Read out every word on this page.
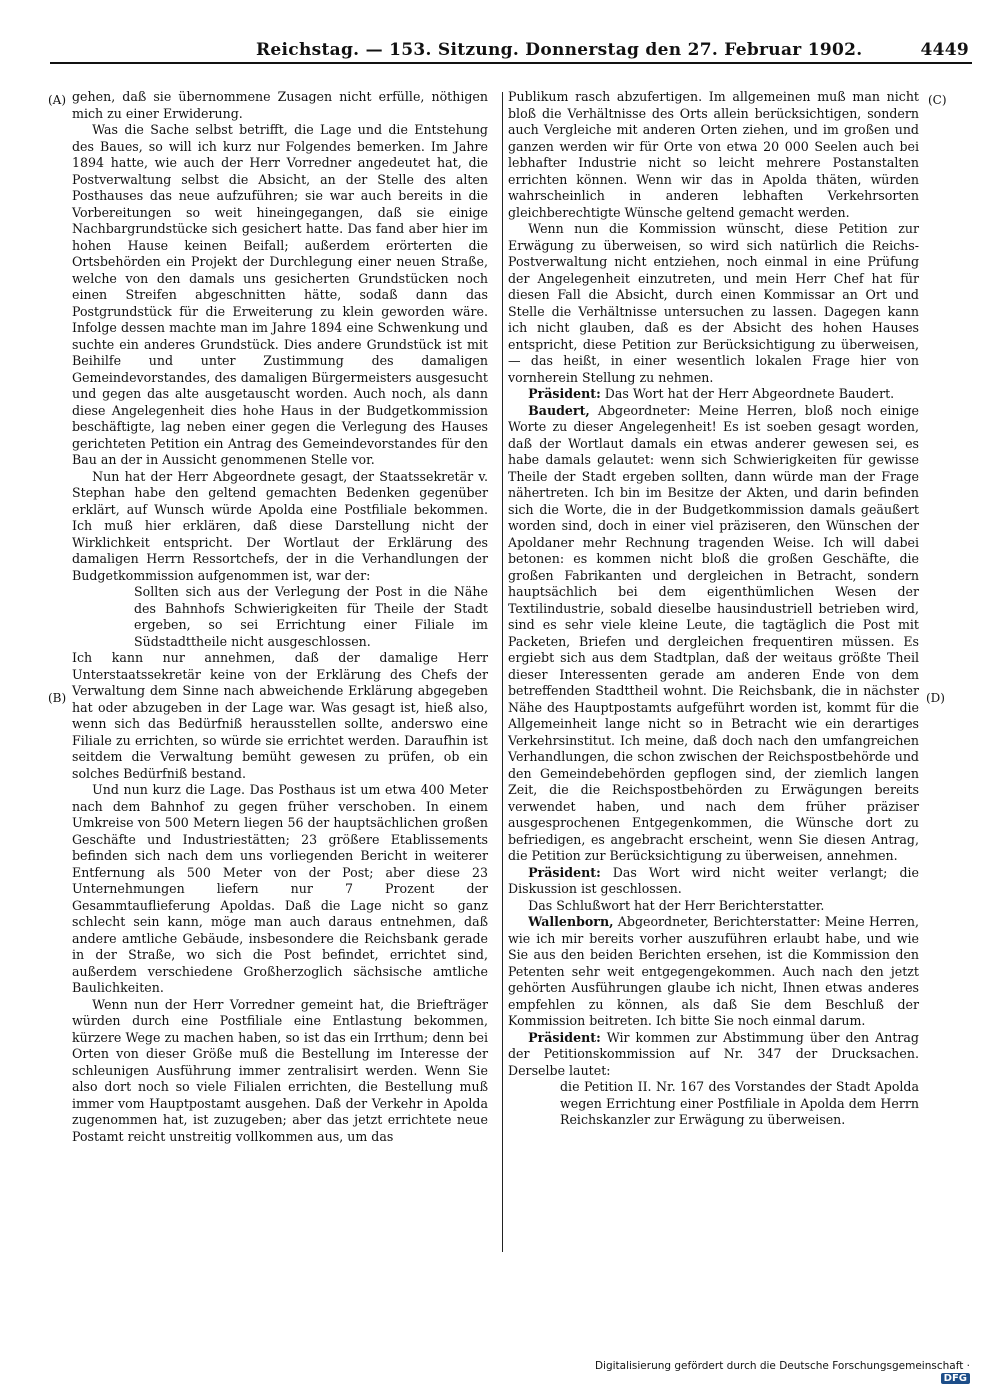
Reichstag. — 153. Sitzung. Donnerstag den 27. Februar 1902.	4449
(A)
(B)
(C)
(D)

gehen, daß sie übernommene Zusagen nicht erfülle, nöthigen mich zu einer Erwiderung.

Was die Sache selbst betrifft, die Lage und die Entstehung des Baues, so will ich kurz nur Folgendes bemerken. Im Jahre 1894 hatte, wie auch der Herr Vorredner angedeutet hat, die Postverwaltung selbst die Absicht, an der Stelle des alten Posthauses das neue aufzuführen; sie war auch bereits in die Vorbereitungen so weit hineingegangen, daß sie einige Nachbargrundstücke sich gesichert hatte. Das fand aber hier im hohen Hause keinen Beifall; außerdem erörterten die Ortsbehörden ein Projekt der Durchlegung einer neuen Straße, welche von den damals uns gesicherten Grundstücken noch einen Streifen abgeschnitten hätte, sodaß dann das Postgrundstück für die Erweiterung zu klein geworden wäre. Infolge dessen machte man im Jahre 1894 eine Schwenkung und suchte ein anderes Grundstück. Dies andere Grundstück ist mit Beihilfe und unter Zustimmung des damaligen Gemeindevorstandes, des damaligen Bürgermeisters ausgesucht und gegen das alte ausgetauscht worden. Auch noch, als dann diese Angelegenheit dies hohe Haus in der Budgetkommission beschäftigte, lag neben einer gegen die Verlegung des Hauses gerichteten Petition ein Antrag des Gemeindevorstandes für den Bau an der in Aussicht genommenen Stelle vor.

Nun hat der Herr Abgeordnete gesagt, der Staatssekretär v. Stephan habe den geltend gemachten Bedenken gegenüber erklärt, auf Wunsch würde Apolda eine Postfiliale bekommen. Ich muß hier erklären, daß diese Darstellung nicht der Wirklichkeit entspricht. Der Wortlaut der Erklärung des damaligen Herrn Ressortchefs, der in die Verhandlungen der Budgetkommission aufgenommen ist, war der:

Sollten sich aus der Verlegung der Post in die Nähe des Bahnhofs Schwierigkeiten für Theile der Stadt ergeben, so sei Errichtung einer Filiale im Südstadttheile nicht ausgeschlossen.

Ich kann nur annehmen, daß der damalige Herr Unterstaatssekretär keine von der Erklärung des Chefs der Verwaltung dem Sinne nach abweichende Erklärung abgegeben hat oder abzugeben in der Lage war. Was gesagt ist, hieß also, wenn sich das Bedürfniß herausstellen sollte, anderswo eine Filiale zu errichten, so würde sie errichtet werden. Daraufhin ist seitdem die Verwaltung bemüht gewesen zu prüfen, ob ein solches Bedürfniß bestand.

Und nun kurz die Lage. Das Posthaus ist um etwa 400 Meter nach dem Bahnhof zu gegen früher verschoben. In einem Umkreise von 500 Metern liegen 56 der hauptsächlichen großen Geschäfte und Industriestätten; 23 größere Etablissements befinden sich nach dem uns vorliegenden Bericht in weiterer Entfernung als 500 Meter von der Post; aber diese 23 Unternehmungen liefern nur 7 Prozent der Gesammtauflieferung Apoldas. Daß die Lage nicht so ganz schlecht sein kann, möge man auch daraus entnehmen, daß andere amtliche Gebäude, insbesondere die Reichsbank gerade in der Straße, wo sich die Post befindet, errichtet sind, außerdem verschiedene Großherzoglich sächsische amtliche Baulichkeiten.

Wenn nun der Herr Vorredner gemeint hat, die Briefträger würden durch eine Postfiliale eine Entlastung bekommen, kürzere Wege zu machen haben, so ist das ein Irrthum; denn bei Orten von dieser Größe muß die Bestellung im Interesse der schleunigen Ausführung immer zentralisirt werden. Wenn Sie also dort noch so viele Filialen errichten, die Bestellung muß immer vom Hauptpostamt ausgehen. Daß der Verkehr in Apolda zugenommen hat, ist zuzugeben; aber das jetzt errichtete neue Postamt reicht unstreitig vollkommen aus, um das

Publikum rasch abzufertigen. Im allgemeinen muß man nicht bloß die Verhältnisse des Orts allein berücksichtigen, sondern auch Vergleiche mit anderen Orten ziehen, und im großen und ganzen werden wir für Orte von etwa 20 000 Seelen auch bei lebhafter Industrie nicht so leicht mehrere Postanstalten errichten können. Wenn wir das in Apolda thäten, würden wahrscheinlich in anderen lebhaften Verkehrsorten gleichberechtigte Wünsche geltend gemacht werden.

Wenn nun die Kommission wünscht, diese Petition zur Erwägung zu überweisen, so wird sich natürlich die Reichs-Postverwaltung nicht entziehen, noch einmal in eine Prüfung der Angelegenheit einzutreten, und mein Herr Chef hat für diesen Fall die Absicht, durch einen Kommissar an Ort und Stelle die Verhältnisse untersuchen zu lassen. Dagegen kann ich nicht glauben, daß es der Absicht des hohen Hauses entspricht, diese Petition zur Berücksichtigung zu überweisen, — das heißt, in einer wesentlich lokalen Frage hier von vornherein Stellung zu nehmen.

Präsident: Das Wort hat der Herr Abgeordnete Baudert.

Baudert, Abgeordneter: Meine Herren, bloß noch einige Worte zu dieser Angelegenheit! Es ist soeben gesagt worden, daß der Wortlaut damals ein etwas anderer gewesen sei, es habe damals gelautet: wenn sich Schwierigkeiten für gewisse Theile der Stadt ergeben sollten, dann würde man der Frage nähertreten. Ich bin im Besitze der Akten, und darin befinden sich die Worte, die in der Budgetkommission damals geäußert worden sind, doch in einer viel präziseren, den Wünschen der Apoldaner mehr Rechnung tragenden Weise. Ich will dabei betonen: es kommen nicht bloß die großen Geschäfte, die großen Fabrikanten und dergleichen in Betracht, sondern hauptsächlich bei dem eigenthümlichen Wesen der Textilindustrie, sobald dieselbe hausindustriell betrieben wird, sind es sehr viele kleine Leute, die tagtäglich die Post mit Packeten, Briefen und dergleichen frequentiren müssen. Es ergiebt sich aus dem Stadtplan, daß der weitaus größte Theil dieser Interessenten gerade am anderen Ende von dem betreffenden Stadttheil wohnt. Die Reichsbank, die in nächster Nähe des Hauptpostamts aufgeführt worden ist, kommt für die Allgemeinheit lange nicht so in Betracht wie ein derartiges Verkehrsinstitut. Ich meine, daß doch nach den umfangreichen Verhandlungen, die schon zwischen der Reichspostbehörde und den Gemeindebehörden gepflogen sind, der ziemlich langen Zeit, die die Reichspostbehörden zu Erwägungen bereits verwendet haben, und nach dem früher präziser ausgesprochenen Entgegenkommen, die Wünsche dort zu befriedigen, es angebracht erscheint, wenn Sie diesen Antrag, die Petition zur Berücksichtigung zu überweisen, annehmen.

Präsident: Das Wort wird nicht weiter verlangt; die Diskussion ist geschlossen.

Das Schlußwort hat der Herr Berichterstatter.

Wallenborn, Abgeordneter, Berichterstatter: Meine Herren, wie ich mir bereits vorher auszuführen erlaubt habe, und wie Sie aus den beiden Berichten ersehen, ist die Kommission den Petenten sehr weit entgegengekommen. Auch nach den jetzt gehörten Ausführungen glaube ich nicht, Ihnen etwas anderes empfehlen zu können, als daß Sie dem Beschluß der Kommission beitreten. Ich bitte Sie noch einmal darum.

Präsident: Wir kommen zur Abstimmung über den Antrag der Petitionskommission auf Nr. 347 der Drucksachen. Derselbe lautet:

die Petition II. Nr. 167 des Vorstandes der Stadt Apolda wegen Errichtung einer Postfiliale in Apolda dem Herrn Reichskanzler zur Erwägung zu überweisen.

Digitalisierung gefördert durch die Deutsche Forschungsgemeinschaft ·DFG
